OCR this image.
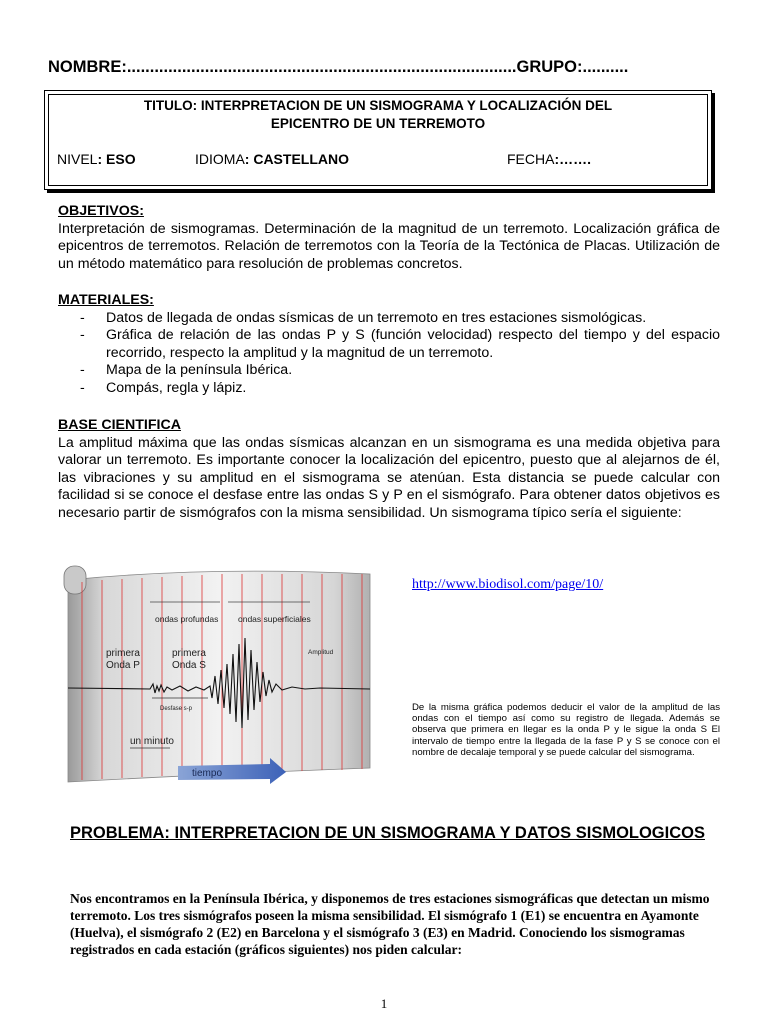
NOMBRE:.....................................................................................GRUPO:..........
TITULO: INTERPRETACION DE UN SISMOGRAMA Y LOCALIZACIÓN DEL
EPICENTRO DE UN TERREMOTO
NIVEL: ESO	IDIOMA: CASTELLANO	FECHA:…….
OBJETIVOS:
Interpretación de sismogramas. Determinación de la magnitud de un terremoto. Localización gráfica de epicentros de terremotos. Relación de terremotos con la Teoría de la Tectónica de Placas. Utilización de un método matemático para resolución de problemas concretos.
MATERIALES:
- Datos de llegada de ondas sísmicas de un terremoto en tres estaciones sismológicas.
- Gráfica de relación de las ondas P y S (función velocidad) respecto del tiempo y del espacio recorrido, respecto la amplitud y la magnitud de un terremoto.
- Mapa de la península Ibérica.
- Compás, regla y lápiz.
BASE CIENTIFICA
La amplitud máxima que las ondas sísmicas alcanzan en un sismograma es una medida objetiva para valorar un terremoto. Es importante conocer la localización del epicentro, puesto que al alejarnos de él, las vibraciones y su amplitud en el sismograma se atenúan. Esta distancia se puede calcular con facilidad si se conoce el desfase entre las ondas S y P en el sismógrafo. Para obtener datos objetivos es necesario partir de sismógrafos con la misma sensibilidad. Un sismograma típico sería el siguiente:
ondas profundas ondas superficiales
Amplitud
primera
Onda P
primera
Onda S
Desfase s-p
un minuto
tiempo
http://www.biodisol.com/page/10/
De la misma gráfica podemos deducir el valor de la amplitud de las ondas con el tiempo así como su registro de llegada. Además se observa que primera en llegar es la onda P y le sigue la onda S El intervalo de tiempo entre la llegada de la fase P y S se conoce con el nombre de decalaje temporal y se puede calcular del sismograma.
PROBLEMA: INTERPRETACION DE UN SISMOGRAMA Y DATOS SISMOLOGICOS
Nos encontramos en la Península Ibérica, y disponemos de tres estaciones sismográficas que detectan un mismo terremoto. Los tres sismógrafos poseen la misma sensibilidad. El sismógrafo 1 (E1) se encuentra en Ayamonte (Huelva), el sismógrafo 2 (E2) en Barcelona y el sismógrafo 3 (E3) en Madrid. Conociendo los sismogramas registrados en cada estación (gráficos siguientes) nos piden calcular:
1
